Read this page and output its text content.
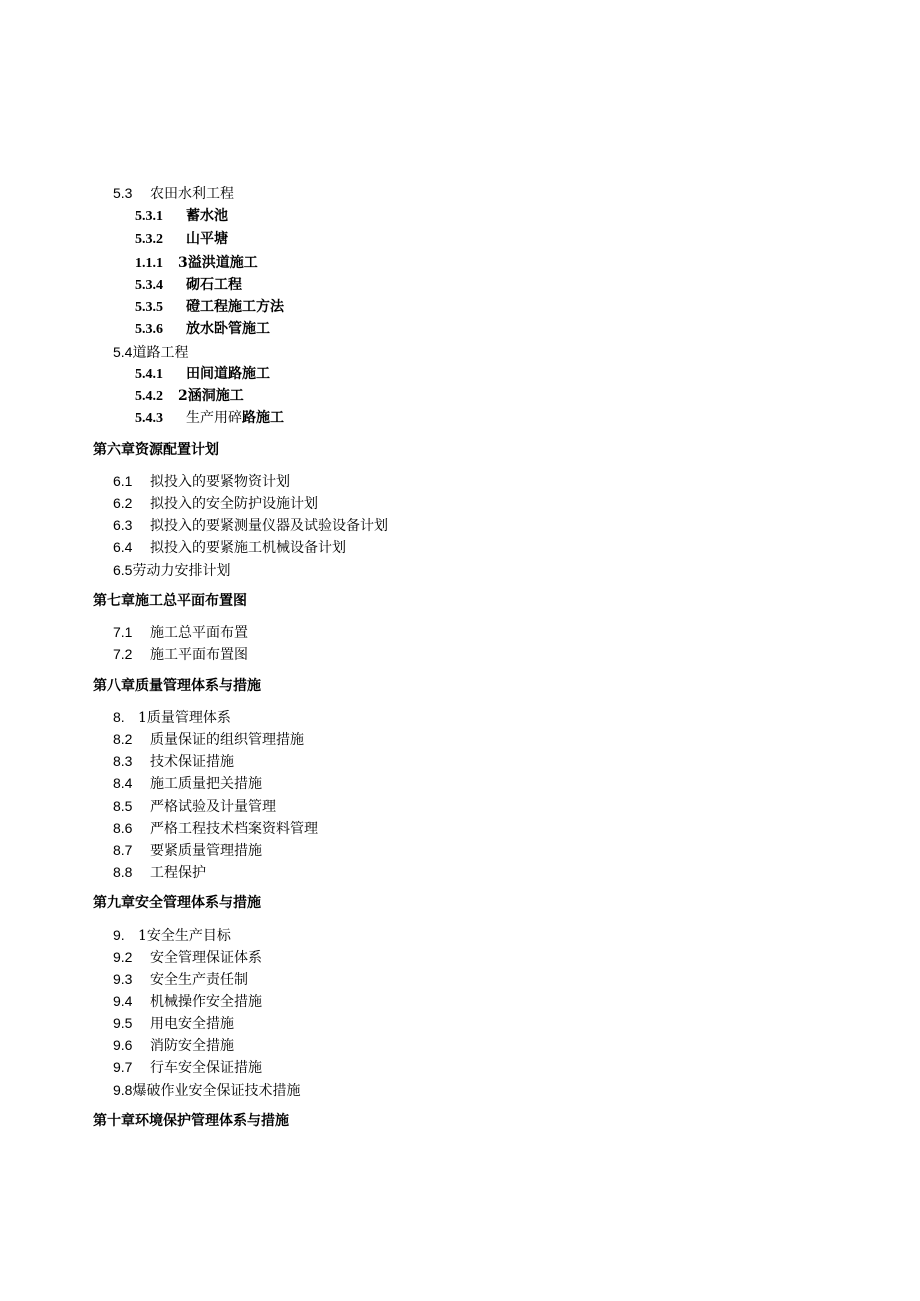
5.3 农田水利工程
5.3.1 蓄水池
5.3.2 山平塘
1.1.1 3溢洪道施工
5.3.4 砌石工程
5.3.5 磴工程施工方法
5.3.6 放水卧管施工
5.4道路工程
5.4.1 田间道路施工
5.4.2 2涵洞施工
5.4.3 生产用碎路施工
第六章资源配置计划
6.1 拟投入的要紧物资计划
6.2 拟投入的安全防护设施计划
6.3 拟投入的要紧测量仪器及试验设备计划
6.4 拟投入的要紧施工机械设备计划
6.5劳动力安排计划
第七章施工总平面布置图
7.1 施工总平面布置
7.2 施工平面布置图
第八章质量管理体系与措施
8. 1质量管理体系
8.2 质量保证的组织管理措施
8.3 技术保证措施
8.4 施工质量把关措施
8.5 严格试验及计量管理
8.6 严格工程技术档案资料管理
8.7 要紧质量管理措施
8.8 工程保护
第九章安全管理体系与措施
9. 1安全生产目标
9.2 安全管理保证体系
9.3 安全生产责任制
9.4 机械操作安全措施
9.5 用电安全措施
9.6 消防安全措施
9.7 行车安全保证措施
9.8爆破作业安全保证技术措施
第十章环境保护管理体系与措施
